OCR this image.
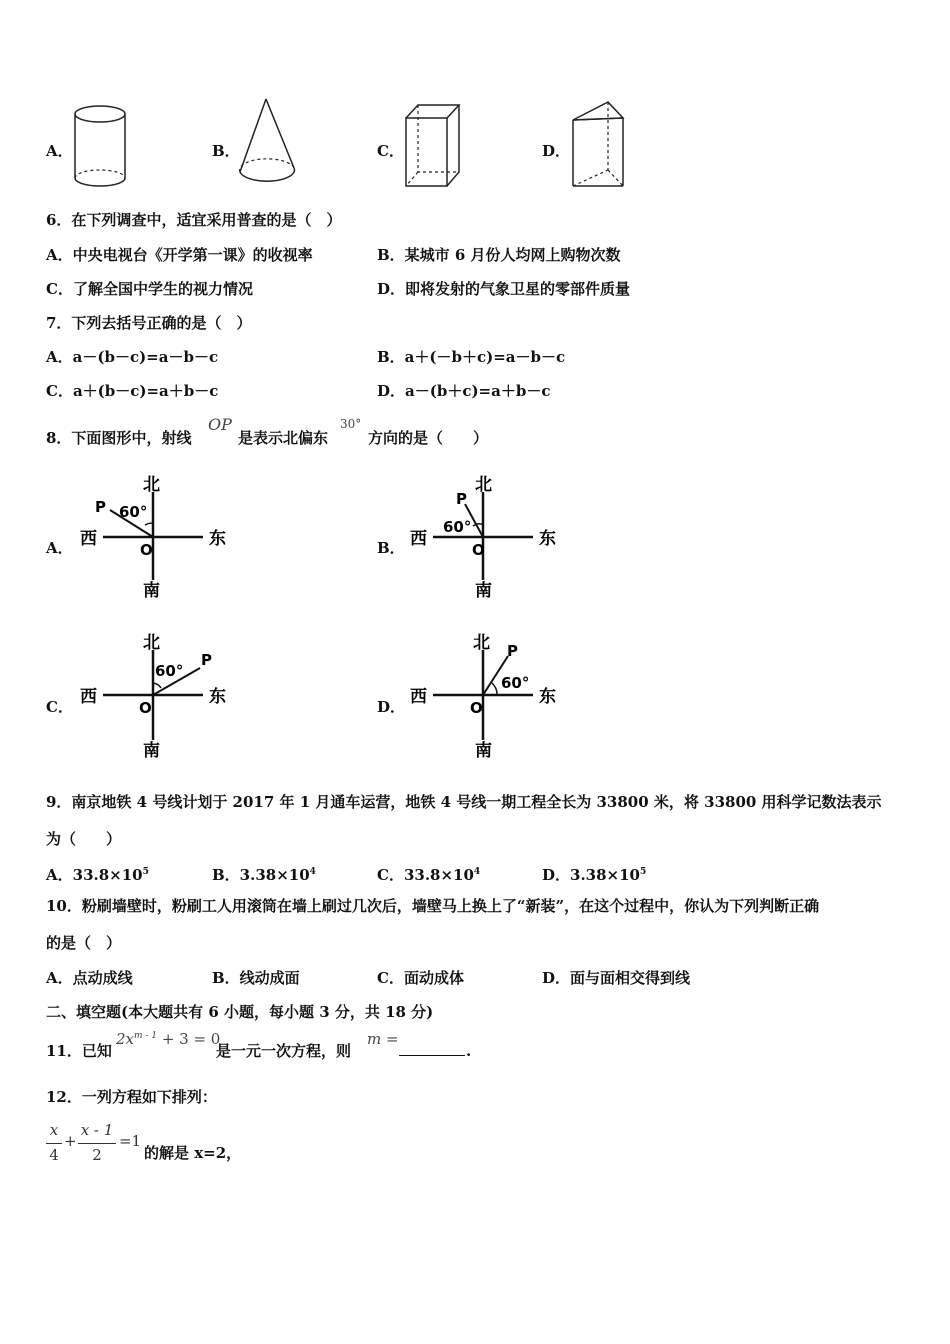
A．	B．	C．	D．
6．在下列调查中，适宜采用普查的是（　）
A．中央电视台《开学第一课》的收视率	B．某城市 6 月份人均网上购物次数
C．了解全国中学生的视力情况	D．即将发射的气象卫星的零部件质量
7．下列去括号正确的是（　）
A．a－(b－c)=a－b－c	B．a＋(－b＋c)=a－b－c
C．a＋(b－c)=a＋b－c	D．a－(b＋c)=a＋b－c
8．下面图形中，射线
OP
是表示北偏东
30°
方向的是（　　）
A．
北
南
东
西
O
P 60°
B．
北
南
东
西
O
P
60°
C．
北
南
东
西
O
P
60°
D．
北
南
东
西
O
P
60°
9．南京地铁 4 号线计划于 2017 年 1 月通车运营，地铁 4 号线一期工程全长为 33800 米，将 33800 用科学记数法表示
为（　　）
A．$33.8\times 10^5$	B．$3.38\times 10^4$	C．$33.8\times 10^4$	D．$3.38\times 10^5$
10．粉刷墙壁时，粉刷工人用滚筒在墙上刷过几次后，墙壁马上换上了“新装”，在这个过程中，你认为下列判断正确
的是（　）
A．点动成线	B．线动成面	C．面动成体	D．面与面相交得到线
二、填空题(本大题共有 6 小题，每小题 3 分，共 18 分)
11．已知
$2x^{m - 1} + 3 = 0$
是一元一次方程，则
m =
.
12．一列方程如下排列：
x
4
+
x - 1
2
=1
的解是 x=2，
